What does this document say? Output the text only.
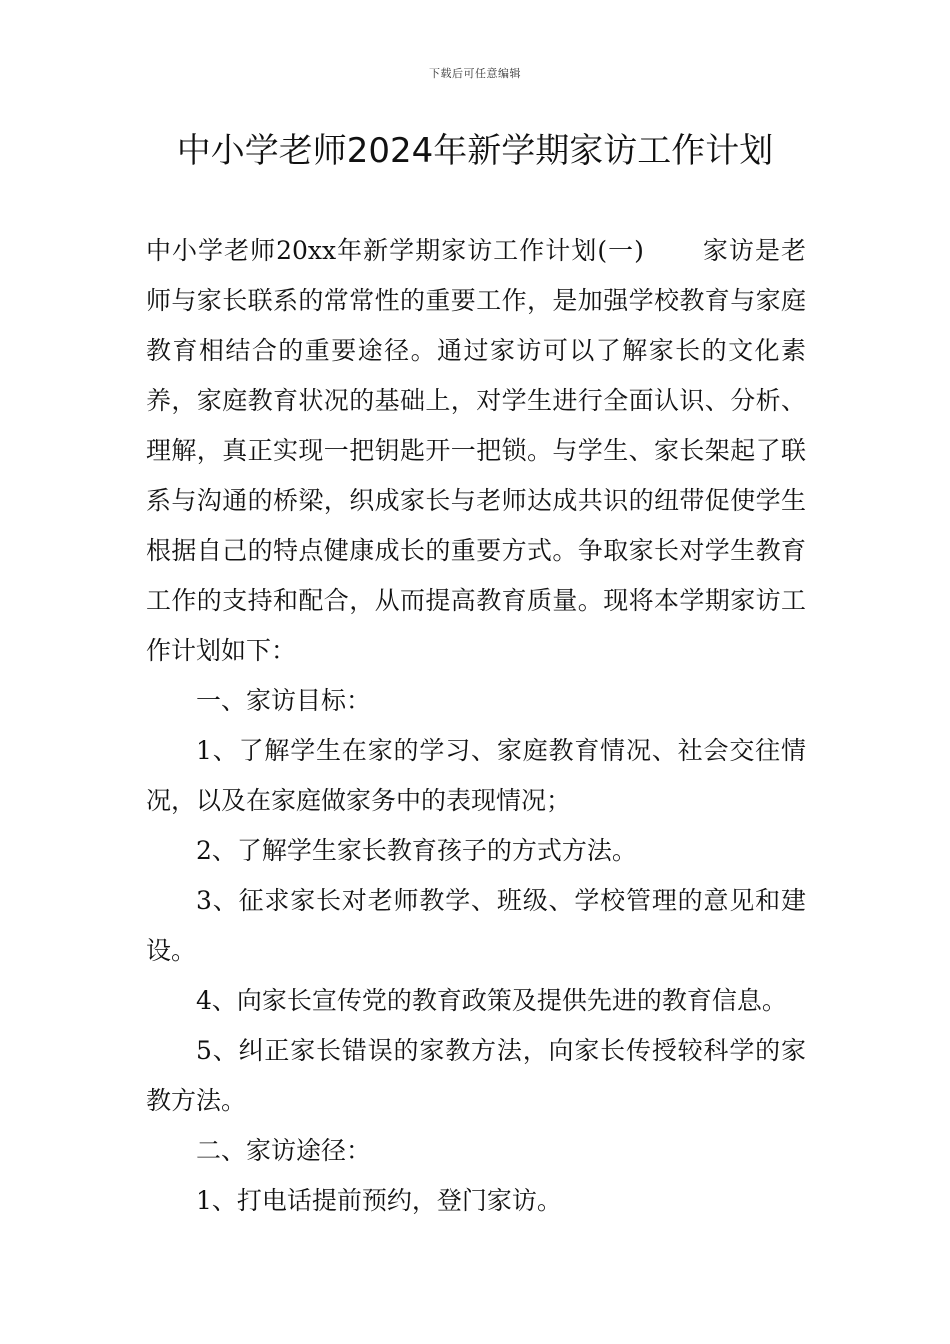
下载后可任意编辑
中小学老师2024年新学期家访工作计划

中小学老师20xx年新学期家访工作计划(一) 家访是老师与家长联系的常常性的重要工作，是加强学校教育与家庭教育相结合的重要途径。通过家访可以了解家长的文化素养，家庭教育状况的基础上，对学生进行全面认识、分析、理解，真正实现一把钥匙开一把锁。与学生、家长架起了联系与沟通的桥梁，织成家长与老师达成共识的纽带促使学生根据自己的特点健康成长的重要方式。争取家长对学生教育工作的支持和配合，从而提高教育质量。现将本学期家访工作计划如下：

一、家访目标：

1、了解学生在家的学习、家庭教育情况、社会交往情况，以及在家庭做家务中的表现情况；

2、了解学生家长教育孩子的方式方法。

3、征求家长对老师教学、班级、学校管理的意见和建设。

4、向家长宣传党的教育政策及提供先进的教育信息。

5、纠正家长错误的家教方法，向家长传授较科学的家教方法。

二、家访途径：

1、打电话提前预约，登门家访。
